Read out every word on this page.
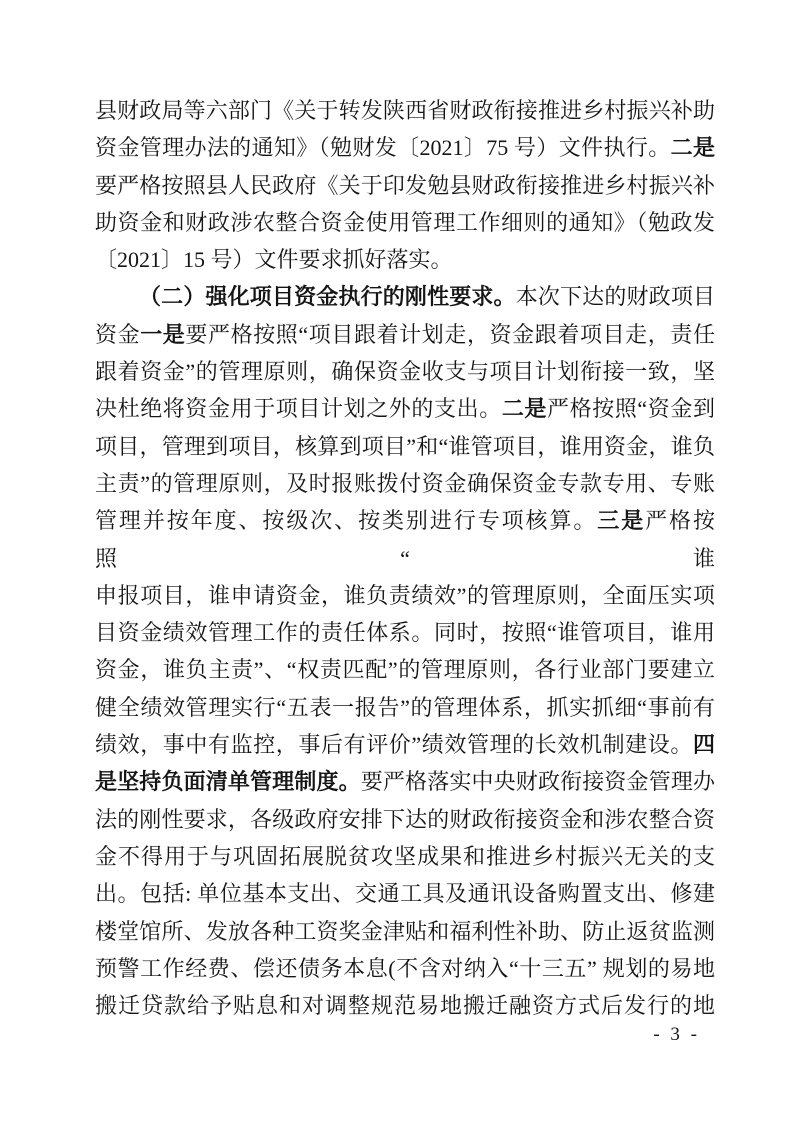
县财政局等六部门《关于转发陕西省财政衔接推进乡村振兴补助
资金管理办法的通知》（勉财发〔2021〕75 号）文件执行。二是
要严格按照县人民政府《关于印发勉县财政衔接推进乡村振兴补
助资金和财政涉农整合资金使用管理工作细则的通知》（勉政发
〔2021〕15 号）文件要求抓好落实。
（二）强化项目资金执行的刚性要求。本次下达的财政项目
资金一是要严格按照“项目跟着计划走，资金跟着项目走，责任
跟着资金”的管理原则，确保资金收支与项目计划衔接一致，坚
决杜绝将资金用于项目计划之外的支出。二是严格按照“资金到
项目，管理到项目，核算到项目”和“谁管项目，谁用资金，谁负
主责”的管理原则，及时报账拨付资金确保资金专款专用、专账
管理并按年度、按级次、按类别进行专项核算。三是严格按照“谁
申报项目，谁申请资金，谁负责绩效”的管理原则，全面压实项
目资金绩效管理工作的责任体系。同时，按照“谁管项目，谁用
资金，谁负主责”、“权责匹配”的管理原则，各行业部门要建立
健全绩效管理实行“五表一报告”的管理体系，抓实抓细“事前有
绩效，事中有监控，事后有评价”绩效管理的长效机制建设。四
是坚持负面清单管理制度。要严格落实中央财政衔接资金管理办
法的刚性要求，各级政府安排下达的财政衔接资金和涉农整合资
金不得用于与巩固拓展脱贫攻坚成果和推进乡村振兴无关的支
出。包括: 单位基本支出、交通工具及通讯设备购置支出、修建
楼堂馆所、发放各种工资奖金津贴和福利性补助、防止返贫监测
预警工作经费、偿还债务本息(不含对纳入“十三五” 规划的易地
搬迁贷款给予贴息和对调整规范易地搬迁融资方式后发行的地
- 3 -
